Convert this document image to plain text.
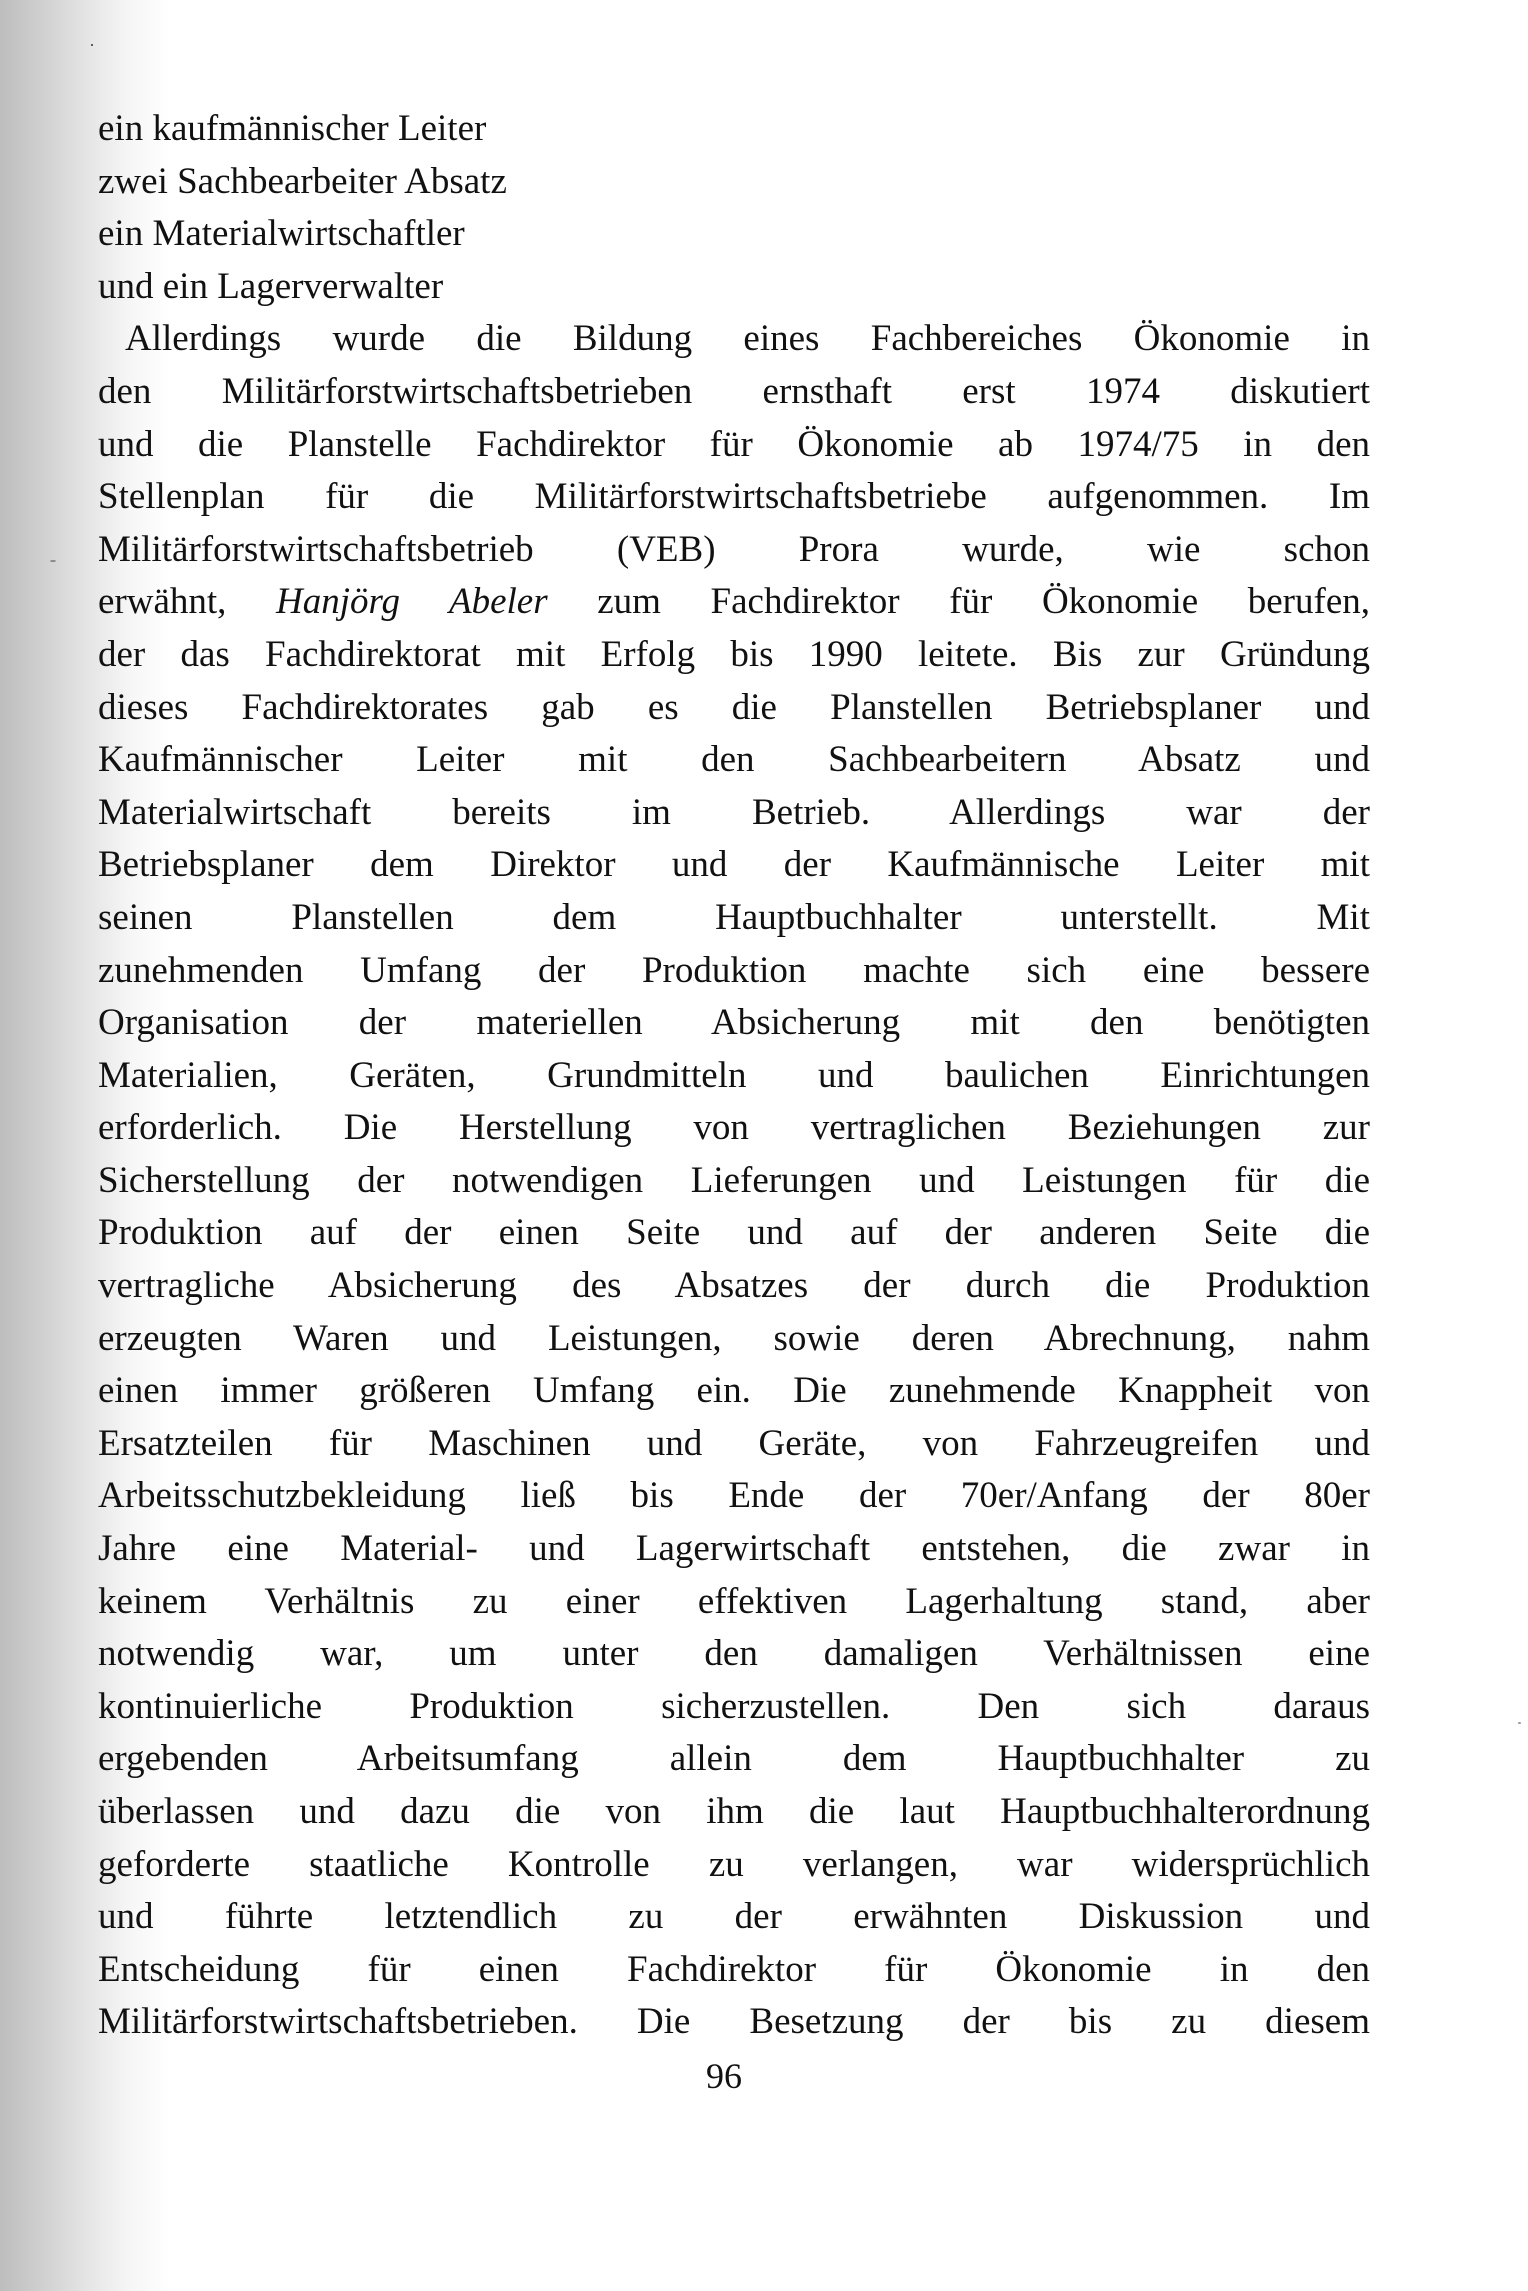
ein kaufmännischer Leiter
zwei Sachbearbeiter Absatz
ein Materialwirtschaftler
und ein Lagerverwalter
Allerdings wurde die Bildung eines Fachbereiches Ökonomie in
den Militärforstwirtschaftsbetrieben ernsthaft erst 1974 diskutiert
und die Planstelle Fachdirektor für Ökonomie ab 1974/75 in den
Stellenplan für die Militärforstwirtschaftsbetriebe aufgenommen. Im
Militärforstwirtschaftsbetrieb (VEB) Prora wurde, wie schon
erwähnt, Hanjörg Abeler zum Fachdirektor für Ökonomie berufen,
der das Fachdirektorat mit Erfolg bis 1990 leitete. Bis zur Gründung
dieses Fachdirektorates gab es die Planstellen Betriebsplaner und
Kaufmännischer Leiter mit den Sachbearbeitern Absatz und
Materialwirtschaft bereits im Betrieb. Allerdings war der
Betriebsplaner dem Direktor und der Kaufmännische Leiter mit
seinen Planstellen dem Hauptbuchhalter unterstellt. Mit
zunehmenden Umfang der Produktion machte sich eine bessere
Organisation der materiellen Absicherung mit den benötigten
Materialien, Geräten, Grundmitteln und baulichen Einrichtungen
erforderlich. Die Herstellung von vertraglichen Beziehungen zur
Sicherstellung der notwendigen Lieferungen und Leistungen für die
Produktion auf der einen Seite und auf der anderen Seite die
vertragliche Absicherung des Absatzes der durch die Produktion
erzeugten Waren und Leistungen, sowie deren Abrechnung, nahm
einen immer größeren Umfang ein. Die zunehmende Knappheit von
Ersatzteilen für Maschinen und Geräte, von Fahrzeugreifen und
Arbeitsschutzbekleidung ließ bis Ende der 70er/Anfang der 80er
Jahre eine Material- und Lagerwirtschaft entstehen, die zwar in
keinem Verhältnis zu einer effektiven Lagerhaltung stand, aber
notwendig war, um unter den damaligen Verhältnissen eine
kontinuierliche Produktion sicherzustellen. Den sich daraus
ergebenden Arbeitsumfang allein dem Hauptbuchhalter zu
überlassen und dazu die von ihm die laut Hauptbuchhalterordnung
geforderte staatliche Kontrolle zu verlangen, war widersprüchlich
und führte letztendlich zu der erwähnten Diskussion und
Entscheidung für einen Fachdirektor für Ökonomie in den
Militärforstwirtschaftsbetrieben. Die Besetzung der bis zu diesem
96
